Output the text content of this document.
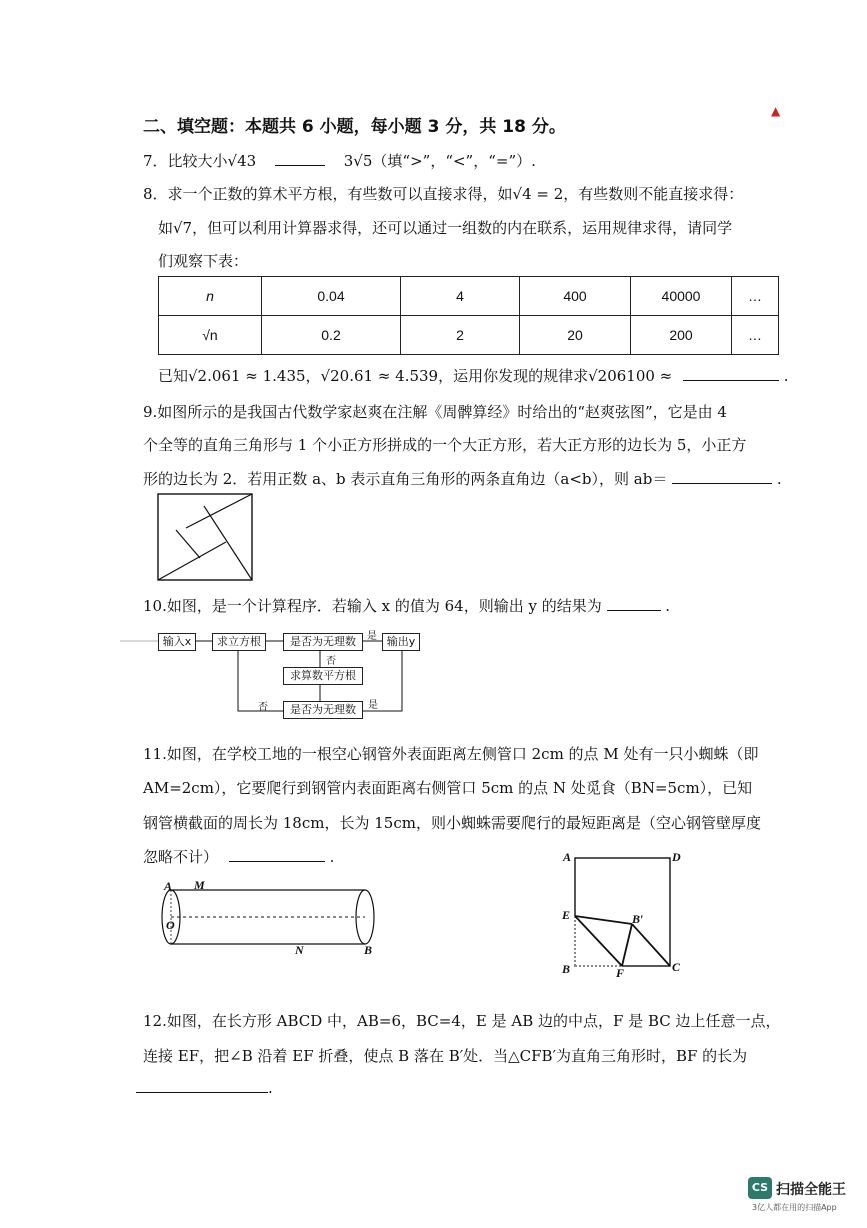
二、填空题：本题共 6 小题，每小题 3 分，共 18 分。
▲
7．比较大小√43	3√5（填“>”，“<”，“=”）.
8．求一个正数的算术平方根，有些数可以直接求得，如√4 = 2，有些数则不能直接求得：
如√7，但可以利用计算器求得，还可以通过一组数的内在联系，运用规律求得，请同学
们观察下表：
n	0.04	4	400	40000	…
√n	0.2	2	20	200	…
已知√2.061 ≈ 1.435，√20.61 ≈ 4.539，运用你发现的规律求√206100 ≈	.
9.如图所示的是我国古代数学家赵爽在注解《周髀算经》时给出的“赵爽弦图”，它是由 4
个全等的直角三角形与 1 个小正方形拼成的一个大正方形，若大正方形的边长为 5，小正方
形的边长为 2．若用正数 a、b 表示直角三角形的两条直角边（a<b），则 ab＝	.
10.如图，是一个计算程序．若输入 x 的值为 64，则输出 y 的结果为	.
输入x	求立方根	是否为无理数	输出y
求算数平方根
是否为无理数
是
否
否	是
11.如图，在学校工地的一根空心钢管外表面距离左侧管口 2cm 的点 M 处有一只小蜘蛛（即
AM=2cm），它要爬行到钢管内表面距离右侧管口 5cm 的点 N 处觅食（BN=5cm），已知
钢管横截面的周长为 18cm，长为 15cm，则小蜘蛛需要爬行的最短距离是（空心钢管壁厚度
忽略不计）	.
A M
O
N	B
A	D
E	B′
B	F	C
12.如图，在长方形 ABCD 中，AB=6，BC=4，E 是 AB 边的中点，F 是 BC 边上任意一点，
连接 EF，把∠B 沿着 EF 折叠，使点 B 落在 B′处．当△CFB′为直角三角形时，BF 的长为
.
CS 扫描全能王
3亿人都在用的扫描App
